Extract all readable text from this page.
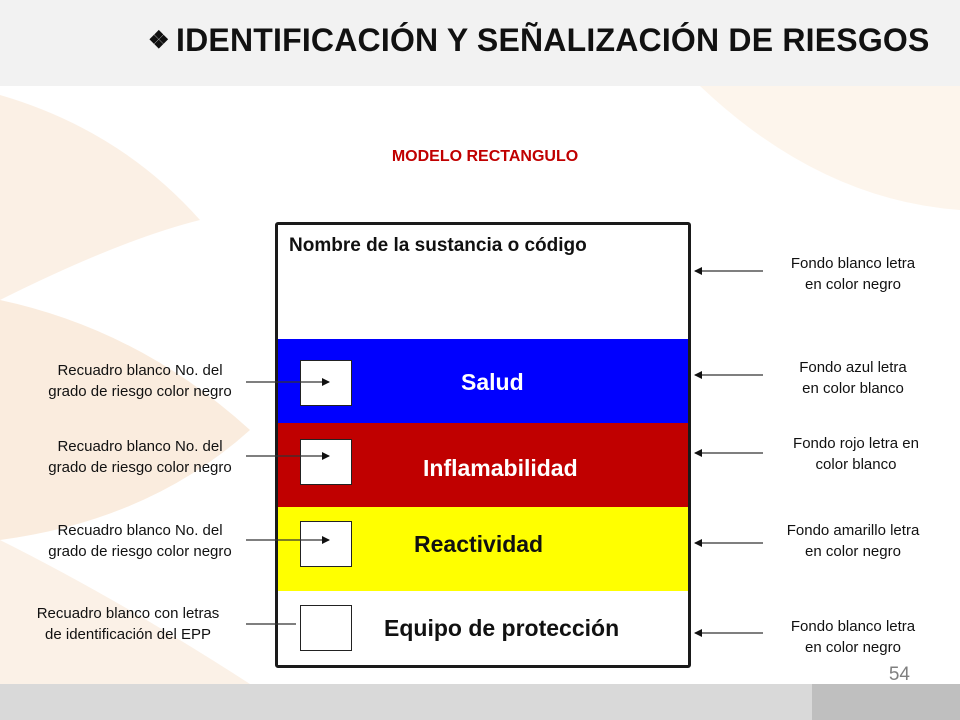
❖ IDENTIFICACIÓN Y SEÑALIZACIÓN DE RIESGOS
MODELO RECTANGULO
Nombre de la sustancia o código
Salud
Inflamabilidad
Reactividad
Equipo de protección
Recuadro blanco No. del
grado de riesgo color negro
Recuadro blanco No. del
grado de riesgo color negro
Recuadro blanco No. del
grado de riesgo color negro
Recuadro blanco con letras
de identificación del EPP
Fondo blanco letra
en color negro
Fondo azul letra
en color blanco
Fondo rojo letra en
color blanco
Fondo amarillo letra
en color negro
Fondo blanco letra
en color negro
54
